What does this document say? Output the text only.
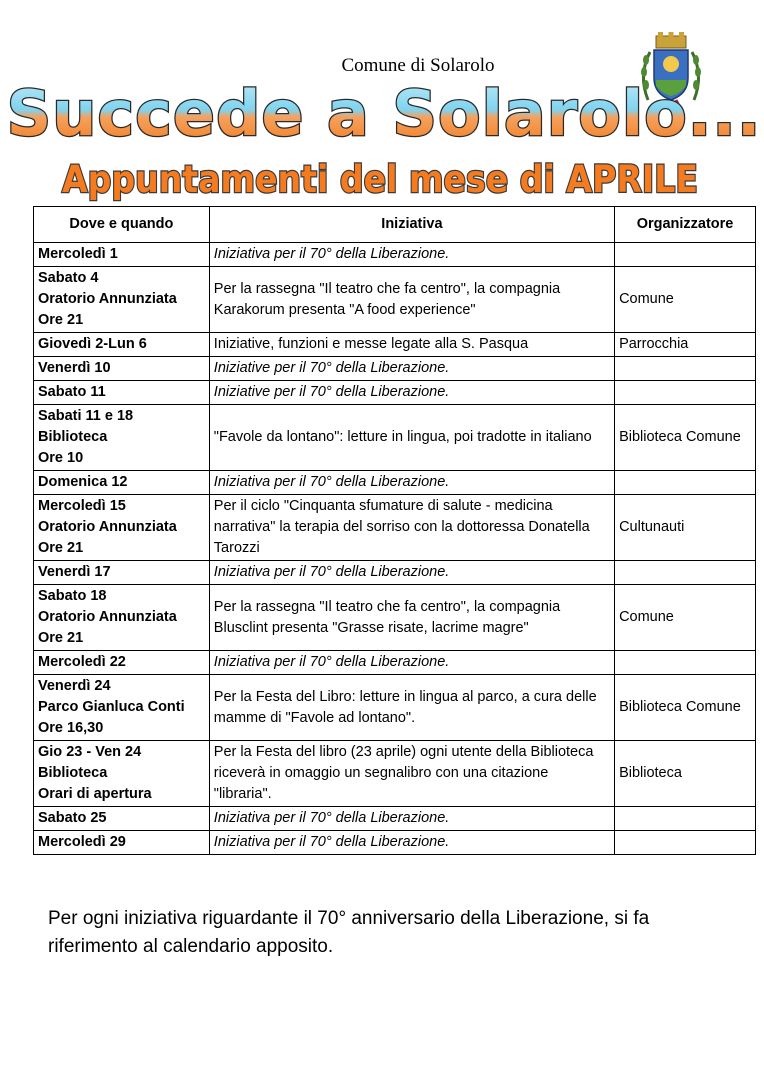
Comune di Solarolo
Succede a Solarolo...
Appuntamenti del mese di APRILE
Dove e quando	Iniziativa	Organizzatore

Mercoledì 1	Iniziativa per il 70° della Liberazione.	

Sabato 4
Oratorio Annunziata
Ore 21	Per la rassegna "Il teatro che fa centro", la compagnia Karakorum presenta "A food experience"	Comune

Giovedì 2-Lun 6	Iniziative, funzioni e messe legate alla S. Pasqua	Parrocchia

Venerdì 10	Iniziative per il 70° della Liberazione.	

Sabato 11	Iniziative per il 70° della Liberazione.	

Sabati 11 e 18
Biblioteca
Ore 10	"Favole da lontano": letture in lingua, poi tradotte in italiano	Biblioteca Comune

Domenica 12	Iniziativa per il 70° della Liberazione.	

Mercoledì 15
Oratorio Annunziata
Ore 21	Per il ciclo "Cinquanta sfumature di salute - medicina narrativa" la terapia del sorriso con la dottoressa Donatella Tarozzi	Cultunauti

Venerdì 17	Iniziativa per il 70° della Liberazione.	

Sabato 18
Oratorio Annunziata
Ore 21	Per la rassegna "Il teatro che fa centro", la compagnia Blusclint presenta "Grasse risate, lacrime magre"	Comune

Mercoledì 22	Iniziativa per il 70° della Liberazione.	

Venerdì 24
Parco Gianluca Conti
Ore 16,30	Per la Festa del Libro: letture in lingua al parco, a cura delle mamme di "Favole ad lontano".	Biblioteca Comune

Gio 23 - Ven 24
Biblioteca
Orari di apertura	Per la Festa del libro (23 aprile) ogni utente della Biblioteca riceverà in omaggio un segnalibro con una citazione "libraria".	Biblioteca

Sabato 25	Iniziativa per il 70° della Liberazione.	

Mercoledì 29	Iniziativa per il 70° della Liberazione.	
Per ogni iniziativa riguardante il 70° anniversario della Liberazione, si fa riferimento al calendario apposito.
